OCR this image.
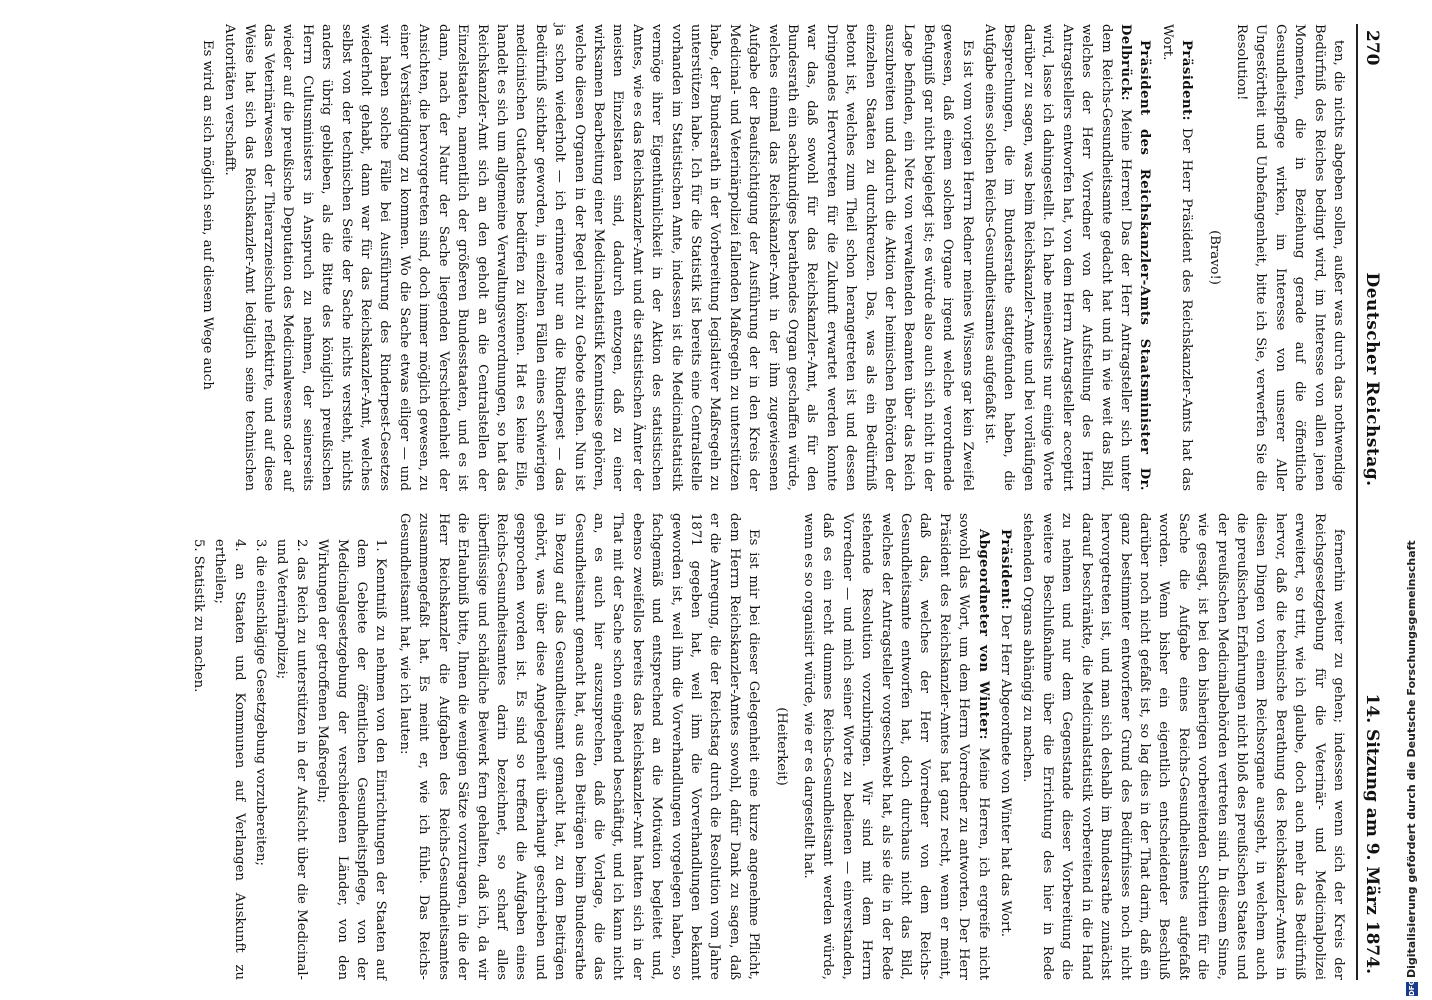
270
Deutscher Reichstag.
14. Sitzung am 9. März 1874.

ten, die nichts abgeben sollen, außer was durch das nothwendige Bedürfniß des Reiches bedingt wird, im Interesse von allen jenen Momenten, die in Beziehung gerade auf die öffentliche Gesundheitspflege wirken, im Interesse von unserer Aller Ungestörtheit und Unbefangenheit, bitte ich Sie, verwerfen Sie die Resolution!

(Bravo!)

Präsident: Der Herr Präsident des Reichskanzler-Amts hat das Wort.

Präsident des Reichskanzler-Amts Staatsminister Dr. Delbrück: Meine Herren! Das der Herr Antragsteller sich unter dem Reichs-Gesundheitsamte gedacht hat und in wie weit das Bild, welches der Herr Vorredner von der Aufstellung des Herrn Antragstellers entworfen hat, von dem Herrn Antragsteller acceptirt wird, lasse ich dahingestellt. Ich habe meinerseits nur einige Worte darüber zu sagen, was beim Reichskanzler-Amte und bei vorläufigen Besprechungen, die im Bundesrathe stattgefunden haben, die Aufgabe eines solchen Reichs-Gesundheitsamtes aufgefaßt ist.

Es ist vom vorigen Herrn Redner meines Wissens gar kein Zweifel gewesen, daß einem solchen Organe irgend welche verordnende Befugniß gar nicht beigelegt ist; es würde also auch sich nicht in der Lage befinden, ein Netz von verwaltenden Beamten über das Reich auszubreiten und dadurch die Aktion der heimischen Behörden der einzelnen Staaten zu durchkreuzen. Das, was als ein Bedürfniß betont ist, welches zum Theil schon herangetreten ist und dessen Dringendes Hervortreten für die Zukunft erwartet werden konnte war das, daß sowohl für das Reichskanzler-Amt, als für den Bundesrath ein sachkundiges berathendes Organ geschaffen würde, welches einmal das Reichskanzler-Amt in der ihm zugewiesenen Aufgabe der Beaufsichtigung der Ausführung der in den Kreis der Medicinal- und Veterinärpolizei fallenden Maßregeln zu unterstützen habe, der Bundesrath in der Vorbereitung legislativer Maßregeln zu unterstützen habe. Ich für die Statistik ist bereits eine Centralstelle vorhanden im Statistischen Amte, indessen ist die Medicinalstatistik vermöge ihrer Eigenthümlichkeit in der Aktion des statistischen Amtes, wie es das Reichskanzler-Amt und die statistischen Ämter der meisten Einzelstaaten sind, dadurch entzogen, daß zu einer wirksamen Bearbeitung einer Medicinalstatistik Kenntnisse gehören, welche diesen Organen in der Regel nicht zu Gebote stehen. Nun ist ja schon wiederholt — ich erinnere nur an die Rinderpest — das Bedürfniß sichtbar geworden, in einzelnen Fällen eines schwierigen medicinischen Gutachtens bedürfen zu können. Hat es keine Eile, handelt es sich um allgemeine Verwaltungsverordnungen, so hat das Reichskanzler-Amt sich an den geholt an die Centralstellen der Einzelstaaten, namentlich der größeren Bundesstaaten, und es ist dann, nach der Natur der Sache liegenden Verschiedenheit der Ansichten, die hervorgetreten sind, doch immer möglich gewesen, zu einer Verständigung zu kommen. Wo die Sache etwas eiliger — und wir haben solche Fälle bei Ausführung des Rinderpest-Gesetzes wiederholt gehabt, dann war für das Reichskanzler-Amt, welches selbst von der technischen Seite der Sache nichts versteht, nichts anders übrig geblieben, als die Bitte des königlich preußischen Herrn Cultusministers in Anspruch zu nehmen, der seinerseits wieder auf die preußische Deputation des Medicinalwesens oder auf das Veterinärwesen der Thierarzneischule reflektirte, und auf diese Weise hat sich das Reichskanzler-Amt lediglich seine technischen Autoritäten verschafft.

Es wird an sich möglich sein, auf diesem Wege auch

fernerhin weiter zu gehen; indessen wenn sich der Kreis der Reichsgesetzgebung für die Veterinär- und Medicinalpolizei erweitert, so tritt, wie ich glaube, doch auch mehr das Bedürfniß hervor, daß die technische Berathung des Reichskanzler-Amtes in diesen Dingen von einem Reichsorgane ausgeht, in welchem auch die preußischen Erfahrungen nicht bloß des preußischen Staates und der preußischen Medicinalbehörden vertreten sind. In diesem Sinne, wie gesagt, ist bei den bisherigen vorbereitenden Schritten für die Sache die Aufgabe eines Reichs-Gesundheitsamtes aufgefaßt worden. Wenn bisher ein eigentlich entscheidender Beschluß darüber noch nicht gefaßt ist, so lag dies in der That darin, daß ein ganz bestimmter entworfener Grund des Bedürfnisses noch nicht hervorgetreten ist, und man sich deshalb im Bundesrathe zunächst darauf beschränkte, die Medicinalstatistik vorbereitend in die Hand zu nehmen und nur dem Gegenstande dieser Vorbereitung die weitere Beschlußnahme über die Errichtung des hier in Rede stehenden Organs abhängig zu machen.

Präsident: Der Herr Abgeordnete von Winter hat das Wort.

Abgeordneter von Winter: Meine Herren, ich ergreife nicht sowohl das Wort, um dem Herrn Vorredner zu antworten. Der Herr Präsident des Reichskanzler-Amtes hat ganz recht, wenn er meint, daß das, welches der Herr Vorredner von dem Reichs-Gesundheitsamte entworfen hat, doch durchaus nicht das Bild, welches der Antragsteller vorgeschwebt hat, als sie die in der Rede stehende Resolution vorzubringen. Wir sind mit dem Herrn Vorredner — und mich seiner Worte zu bedienen — einverstanden, daß es ein recht dummes Reichs-Gesundheitsamt werden würde, wenn es so organisirt würde, wie er es dargestellt hat.

(Heiterkeit)

Es ist mir bei dieser Gelegenheit eine kurze angenehme Pflicht, dem Herrn Reichskanzler-Amtes sowohl, dafür Dank zu sagen, daß er die Anregung, die der Reichstag durch die Resolution vom Jahre 1871 gegeben hat, weil ihm die Vorverhandlungen bekannt geworden ist, weil ihm die Vorverhandlungen vorgelegen haben, so fachgemäß und entsprechend an die Motivation begleitet und, ebenso zweifellos bereits das Reichskanzler-Amt hatten sich in der That mit der Sache schon eingehend beschäftigt, und ich kann nicht an, es auch hier auszusprechen, daß die Vorlage, die das Gesundheitsamt gemacht hat, aus den Beiträgen beim Bundesrathe in Bezug auf das Gesundheitsamt gemacht hat, zu dem Beiträgen gehört, was über diese Angelegenheit überhaupt geschrieben und gesprochen worden ist. Es sind so treffend die Aufgaben eines Reichs-Gesundheitsamtes darin bezeichnet, so scharf alles überflüssige und schädliche Beiwerk fern gehalten, daß ich, da wir die Erlaubniß bitte, Ihnen die wenigen Sätze vorzutragen, in die der Herr Reichskanzler die Aufgaben des Reichs-Gesundheitsamtes zusammengefaßt hat. Es meint er, wie ich fühle. Das Reichs-Gesundheitsamt hat, wie ich lauten:

1. Kenntniß zu nehmen von den Einrichtungen der Staaten auf dem Gebiete der öffentlichen Gesundheitspflege, von der Medicinalgesetzgebung der verschiedenen Länder, von den Wirkungen der getroffenen Maßregeln;
2. das Reich zu unterstützen in der Aufsicht über die Medicinal- und Veterinärpolizei;
3. die einschlägige Gesetzgebung vorzubereiten;
4. an Staaten und Kommunen auf Verlangen Auskunft zu ertheilen;
5. Statistik zu machen.
DFG
Digitalisierung gefördert durch die Deutsche Forschungsgemeinschaft
